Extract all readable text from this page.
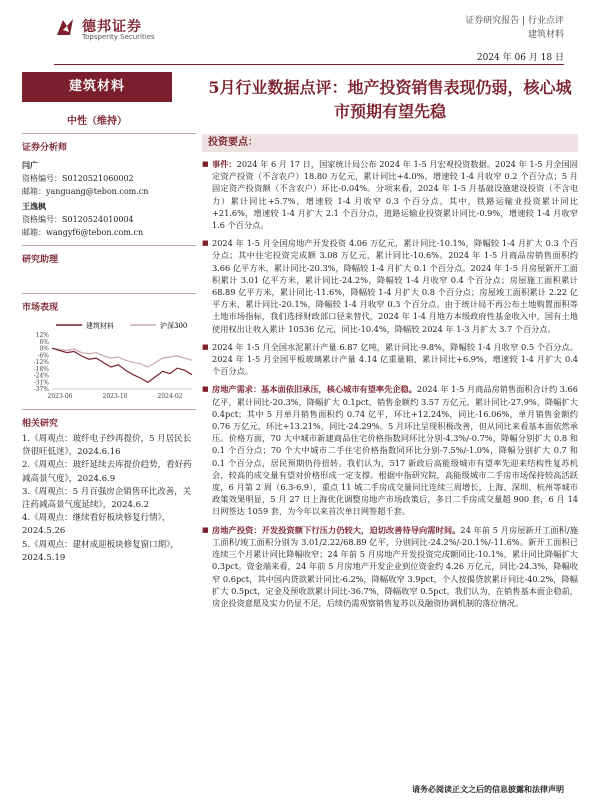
德邦证券
Topsperity Securities
证券研究报告 | 行业点评
建筑材料
2024 年 06 月 18 日
建筑材料
中性（维持）
证券分析师
闫广
资格编号：S0120521060002
邮箱：yanguang@tebon.com.cn
王逸枫
资格编号：S0120524010004
邮箱：wangyf6@tebon.com.cn
研究助理
市场表现
建筑材料	沪深300
12%
6%
0%
-6%
-12%
-18%
-24%
-31%
-37%
2023-06	2023-10	2024-02
相关研究
1.《周观点：玻纤电子纱再提价，5 月居民长贷很旺低迷》，2024.6.16
2.《周观点：玻纤延续去库提价趋势，看好药减高景气度》，2024.6.9
3.《周观点：5 月百强房企销售环比改善，关注药减高景气度延续》，2024.6.2
4.《周观点：继续看好板块修复行情》，2024.5.26
5.《周观点：建材成迎板块修复窗口期》，2024.5.19
5月行业数据点评：地产投资销售表现仍弱，核心城市预期有望先稳
投资要点：
■ 事件：2024 年 6 月 17 日，国家统计局公布 2024 年 1-5 月宏观投资数据。2024 年 1-5 月全国固定资产投资（不含农户）18.80 万亿元，累计同比+4.0%，增速较 1-4 月收窄 0.2 个百分点；5 月固定资产投资额（不含农户）环比-0.04%。分项来看，2024 年 1-5 月基础设施建设投资（不含电力）累计同比+5.7%，增速较 1-4 月收窄 0.3 个百分点，其中，铁路运输业投资累计同比+21.6%，增速较 1-4 月扩大 2.1 个百分点，道路运输业投资累计同比-0.9%，增速较 1-4 月收窄 1.6 个百分点。
■ 2024 年 1-5 月全国房地产开发投资 4.06 万亿元，累计同比-10.1%，降幅较 1-4 月扩大 0.3 个百分点；其中住宅投资完成额 3.08 万亿元，累计同比-10.6%。2024 年 1-5 月商品房销售面积约 3.66 亿平方米，累计同比-20.3%，降幅较 1-4 月扩大 0.1 个百分点。2024 年 1-5 月房屋新开工面积累计 3.01 亿平方米，累计同比-24.2%，降幅较 1-4 月收窄 0.4 个百分点；房屋施工面积累计 68.89 亿平方米，累计同比-11.6%，降幅较 1-4 月扩大 0.8 个百分点；房屋竣工面积累计 2.22 亿平方米，累计同比-20.1%，降幅较 1-4 月收窄 0.3 个百分点。由于统计局不再公布土地购置面积等土地市场指标，我们选择财政部口径来替代，2024 年 1-4 月地方本级政府性基金收入中，国有土地使用权出让收入累计 10536 亿元，同比-10.4%，降幅较 2024 年 1-3 月扩大 3.7 个百分点。
■ 2024 年 1-5 月全国水泥累计产量 6.87 亿吨，累计同比-9.8%，降幅较 1-4 月收窄 0.5 个百分点。2024 年 1-5 月全国平板玻璃累计产量 4.14 亿重量箱，累计同比+6.9%，增速较 1-4 月扩大 0.4 个百分点。
■ 房地产需求：基本面依旧承压，核心城市有望率先企稳。2024 年 1-5 月商品房销售面积合计约 3.66 亿平，累计同比-20.3%，降幅扩大 0.1pct，销售金额约 3.57 万亿元，累计同比-27.9%，降幅扩大 0.4pct；其中 5 月单月销售面积约 0.74 亿平，环比+12.24%，同比-16.06%，单月销售金额约 0.76 万亿元，环比+13.21%，同比-24.29%。5 月环比呈现积极改善，但从同比来看基本面依然承压。价格方面，70 大中城市新建商品住宅价格指数同环比分别-4.3%/-0.7%，降幅分别扩大 0.8 和 0.1 个百分点；70 个大中城市二手住宅价格指数同环比分别-7.5%/-1.0%，降幅分别扩大 0.7 和 0.1 个百分点，居民预期仍待扭转。我们认为，517 新政后高能级城市有望率先迎来结构性复苏机会，较高的成交量有望对价格形成一定支撑。根据中指研究院，高能级城市二手房市场保持较高活跃度，6 月第 2 周（6.3-6.9），重点 11 城二手房成交量同比连续三周增长，上海、深圳、杭州等城市政策效果明显，5 月 27 日上海优化调整房地产市场政策后，多日二手房成交量超 900 套，6 月 14 日网签达 1059 套，为今年以来首次单日网签超千套。
■ 房地产投资：开发投资额下行压力仍较大，迫切改善待导向需时间。24 年前 5 月房屋新开工面积/施工面积/竣工面积分别为 3.01/2.22/68.89 亿平，分别同比-24.2%/-20.1%/-11.6%。新开工面积已连续三个月累计同比降幅收窄；24 年前 5 月房地产开发投资完成额同比-10.1%，累计同比降幅扩大 0.3pct。资金端来看，24 年前 5 月房地产开发企业到位资金约 4.26 万亿元，同比-24.3%，降幅收窄 0.6pct，其中国内贷款累计同比-6.2%，降幅收窄 3.9pct，个人按揭贷款累计同比-40.2%，降幅扩大 0.5pct，定金及预收款累计同比-36.7%，降幅收窄 0.5pct。我们认为，在销售基本面企稳前，房企投资意愿及实力仍显不足，后续仍需观察销售复苏以及融资协调机制的落位情况。
请务必阅读正文之后的信息披露和法律声明
